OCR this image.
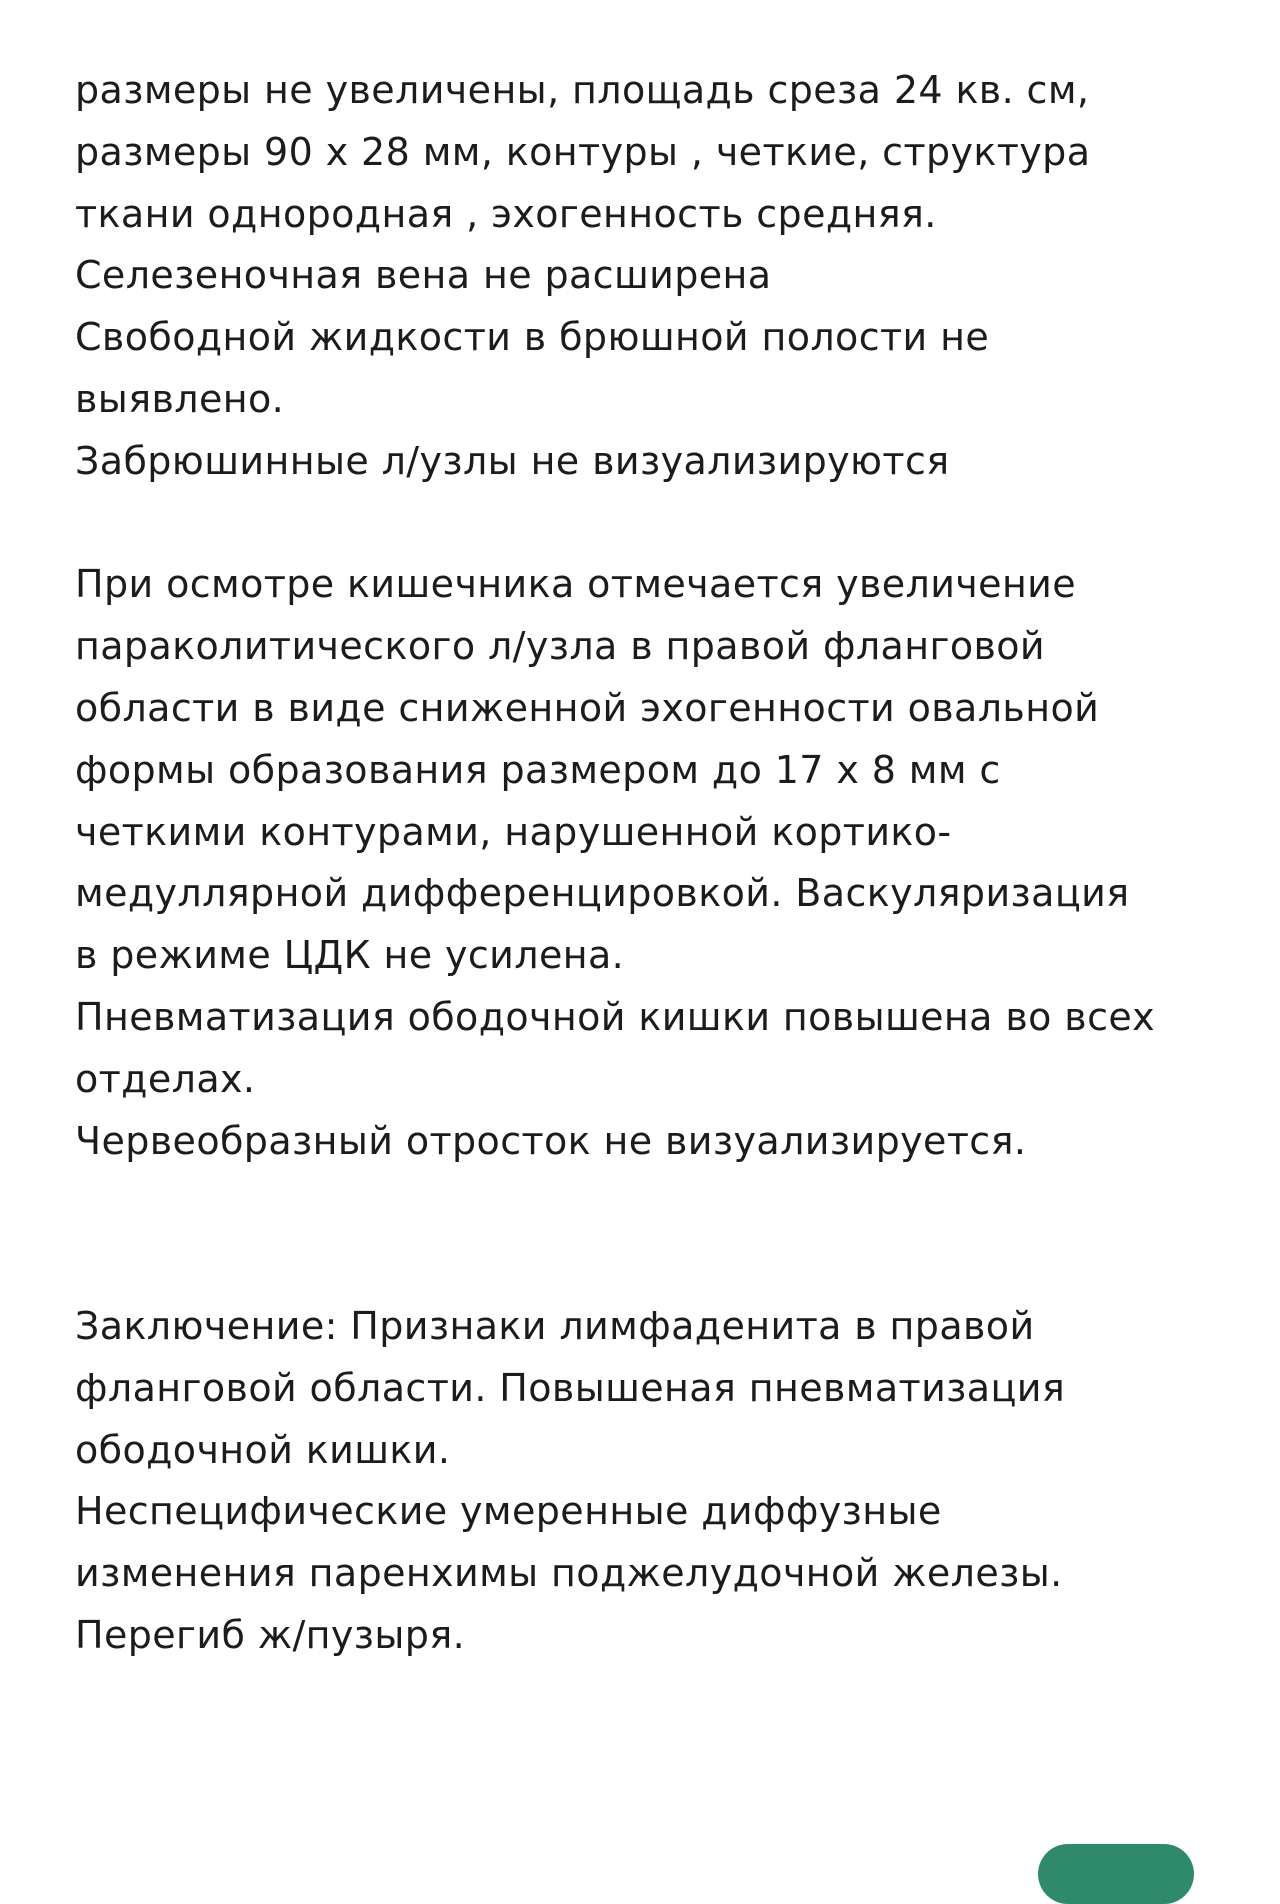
размеры не увеличены, площадь среза 24 кв. см,
размеры 90 х 28 мм, контуры , четкие, структура
ткани однородная , эхогенность средняя.
Селезеночная вена не расширена
Свободной жидкости в брюшной полости не
выявлено.
Забрюшинные л/узлы не визуализируются
При осмотре кишечника отмечается увеличение
параколитического л/узла в правой фланговой
области в виде сниженной эхогенности овальной
формы образования размером до 17 х 8 мм с
четкими контурами, нарушенной кортико-
медуллярной дифференцировкой. Васкуляризация
в режиме ЦДК не усилена.
Пневматизация ободочной кишки повышена во всех
отделах.
Червеобразный отросток не визуализируется.
Заключение: Признаки лимфаденита в правой
фланговой области. Повышеная пневматизация
ободочной кишки.
Неспецифические умеренные диффузные
изменения паренхимы поджелудочной железы.
Перегиб ж/пузыря.
